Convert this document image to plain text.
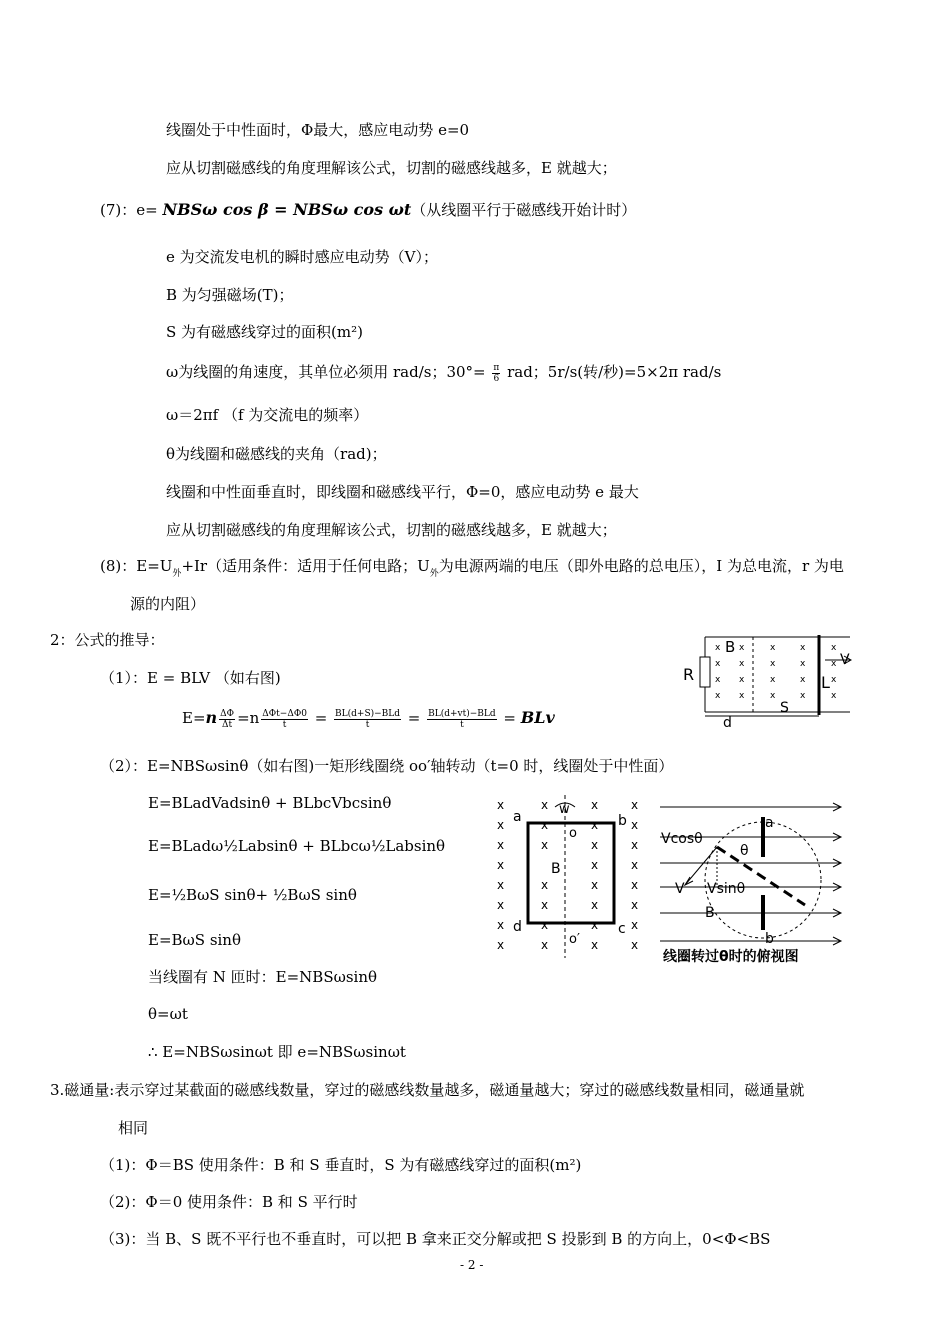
线圈处于中性面时，Φ最大，感应电动势 e=0
应从切割磁感线的角度理解该公式，切割的磁感线越多，E 就越大；
(7)：e= NBSω cos β = NBSω cos ωt（从线圈平行于磁感线开始计时）
e 为交流发电机的瞬时感应电动势（V）；
B 为匀强磁场(T)；
S 为有磁感线穿过的面积(m²)
ω为线圈的角速度，其单位必须用 rad/s；$30^\circ= \frac{\pi}{6}$ rad；5r/s(转/秒)=5×2π rad/s
ω＝2πf （f 为交流电的频率）
θ为线圈和磁感线的夹角（rad)；
线圈和中性面垂直时，即线圈和磁感线平行，Φ=0，感应电动势 e 最大
应从切割磁感线的角度理解该公式，切割的磁感线越多，E 就越大；
(8)：$E=U_外+Ir$（适用条件：适用于任何电路；$U_外$为电源两端的电压（即外电路的总电压），I 为总电流，r 为电
源的内阻）
2：公式的推导：
（1）：E = BLV （如右图)
$E=n \frac{\Delta\Phi}{\Delta t} =n \frac{\text{ΔΦt−ΔΦ0}}{t} = \frac{\text{BL(d+S)−BLd}}{t} = \frac{\text{BL(d+vt)−BLd}}{t}$ = BLv
（2）：E=NBSωsinθ（如右图)一矩形线圈绕 oo′轴转动（t=0 时，线圈处于中性面）
E=BLadVadsinθ + BLbcVbcsinθ
E=BLadω½Labsinθ + BLbcω½Labsinθ
E=½BωS sinθ+ ½BωS sinθ
E=BωS sinθ
当线圈有 N 匝时：E=NBSωsinθ
θ=ωt
∴ E=NBSωsinωt 即 e=NBSωsinωt
3.磁通量:表示穿过某截面的磁感线数量，穿过的磁感线数量越多，磁通量越大；穿过的磁感线数量相同，磁通量就
相同
（1)：Φ＝BS 使用条件：B 和 S 垂直时，S 为有磁感线穿过的面积(m²)
（2)：Φ＝0 使用条件：B 和 S 平行时
（3)：当 B、S 既不平行也不垂直时，可以把 B 拿来正交分解或把 S 投影到 B 的方向上，0<Φ<BS
- 2 -
R
B
x x	x	x	x
x x	x	x	x
x x	x	x	x
x x	x	x	x
L
V
d
S
x	x	x	x
x	x	x	x
x	x	x	x
x	x	x
x	x	x	x
x	x	x	x
x	x	x	x
x	x	x	x
w
a	b
c
d
o
o′
B
a
b
Vcosθ
θ
V Vsinθ
B
线圈转过θ时的俯视图
